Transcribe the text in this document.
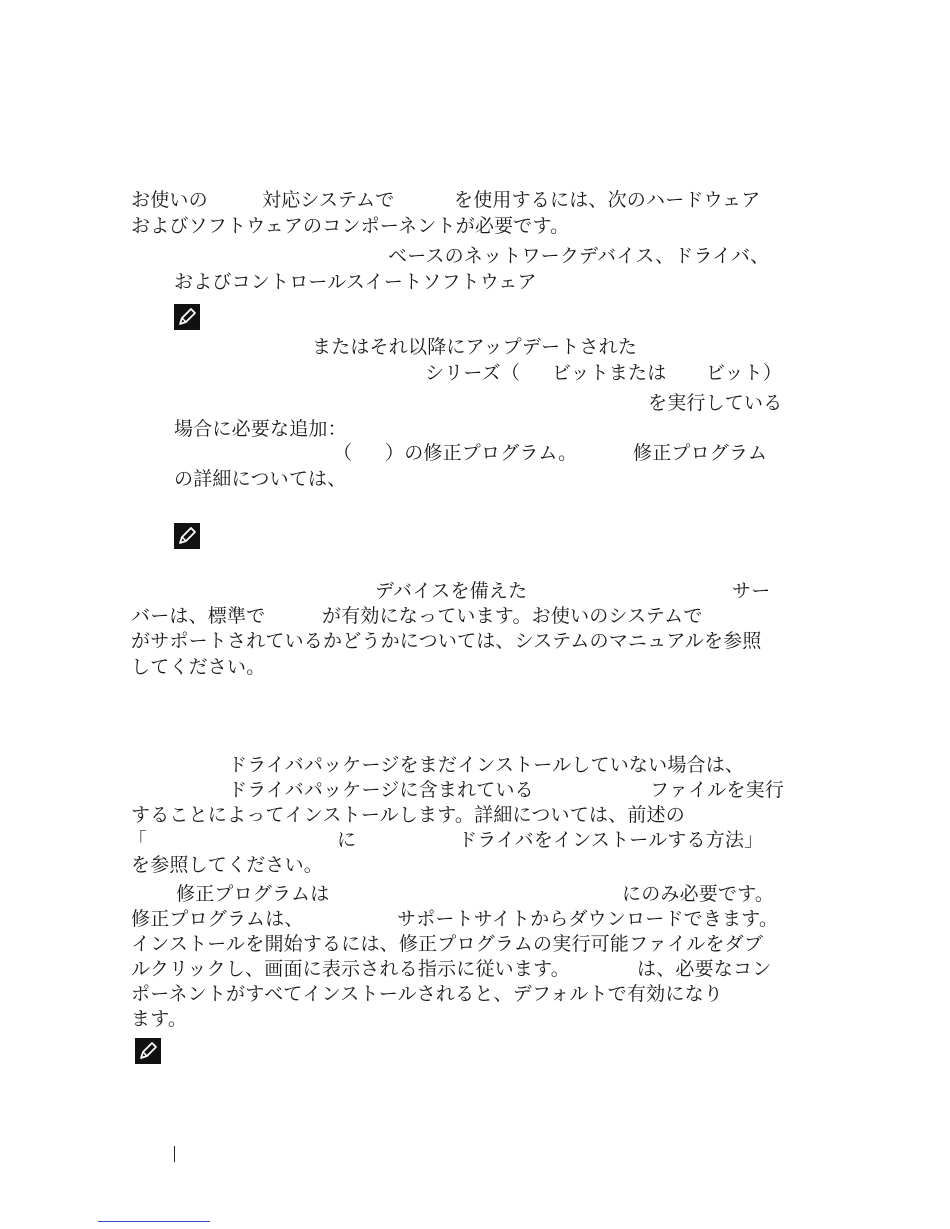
お使いの	対応システムで	を使用するには、次のハードウェア
およびソフトウェアのコンポーネントが必要です。
ベースのネットワークデバイス、ドライバ、
およびコントロールスイートソフトウェア
またはそれ以降にアップデートされた
シリーズ（ ビットまたは ビット）
を実行している
場合に必要な追加：
（ ）の修正プログラム。	修正プログラム
の詳細については、
デバイスを備えた	サー
バーは、標準で	が有効になっています。お使いのシステムで
がサポートされているかどうかについては、システムのマニュアルを参照
してください。
ドライバパッケージをまだインストールしていない場合は、
ドライバパッケージに含まれている	ファイルを実行
することによってインストールします。詳細については、前述の
「	に	ドライバをインストールする方法」
を参照してください。
修正プログラムは	にのみ必要です。
修正プログラムは、	サポートサイトからダウンロードできます。
インストールを開始するには、修正プログラムの実行可能ファイルをダブ
ルクリックし、画面に表示される指示に従います。	は、必要なコン
ポーネントがすべてインストールされると、デフォルトで有効になり
ます。
